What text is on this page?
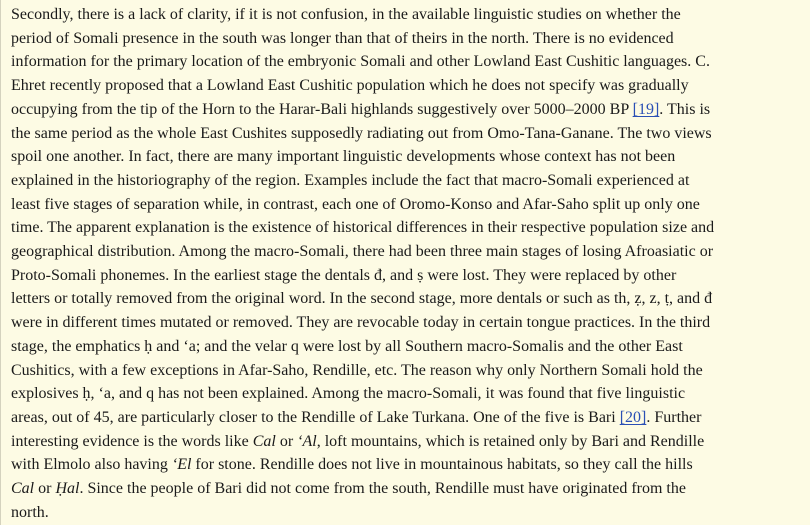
Secondly, there is a lack of clarity, if it is not confusion, in the available linguistic studies on whether the
period of Somali presence in the south was longer than that of theirs in the north. There is no evidenced
information for the primary location of the embryonic Somali and other Lowland East Cushitic languages. C.
Ehret recently proposed that a Lowland East Cushitic population which he does not specify was gradually
occupying from the tip of the Horn to the Harar-Bali highlands suggestively over 5000–2000 BP [19]. This is
the same period as the whole East Cushites supposedly radiating out from Omo-Tana-Ganane. The two views
spoil one another. In fact, there are many important linguistic developments whose context has not been
explained in the historiography of the region. Examples include the fact that macro-Somali experienced at
least five stages of separation while, in contrast, each one of Oromo-Konso and Afar-Saho split up only one
time. The apparent explanation is the existence of historical differences in their respective population size and
geographical distribution. Among the macro-Somali, there had been three main stages of losing Afroasiatic or
Proto-Somali phonemes. In the earliest stage the dentals đ, and ṣ were lost. They were replaced by other
letters or totally removed from the original word. In the second stage, more dentals or such as th, ẓ, z, ṭ, and đ
were in different times mutated or removed. They are revocable today in certain tongue practices. In the third
stage, the emphatics ḥ and ‘a; and the velar q were lost by all Southern macro-Somalis and the other East
Cushitics, with a few exceptions in Afar-Saho, Rendille, etc. The reason why only Northern Somali hold the
explosives ḥ, ‘a, and q has not been explained. Among the macro-Somali, it was found that five linguistic
areas, out of 45, are particularly closer to the Rendille of Lake Turkana. One of the five is Bari [20]. Further
interesting evidence is the words like Cal or ‘Al, loft mountains, which is retained only by Bari and Rendille
with Elmolo also having ‘El for stone. Rendille does not live in mountainous habitats, so they call the hills
Cal or Ḥal. Since the people of Bari did not come from the south, Rendille must have originated from the
north.
